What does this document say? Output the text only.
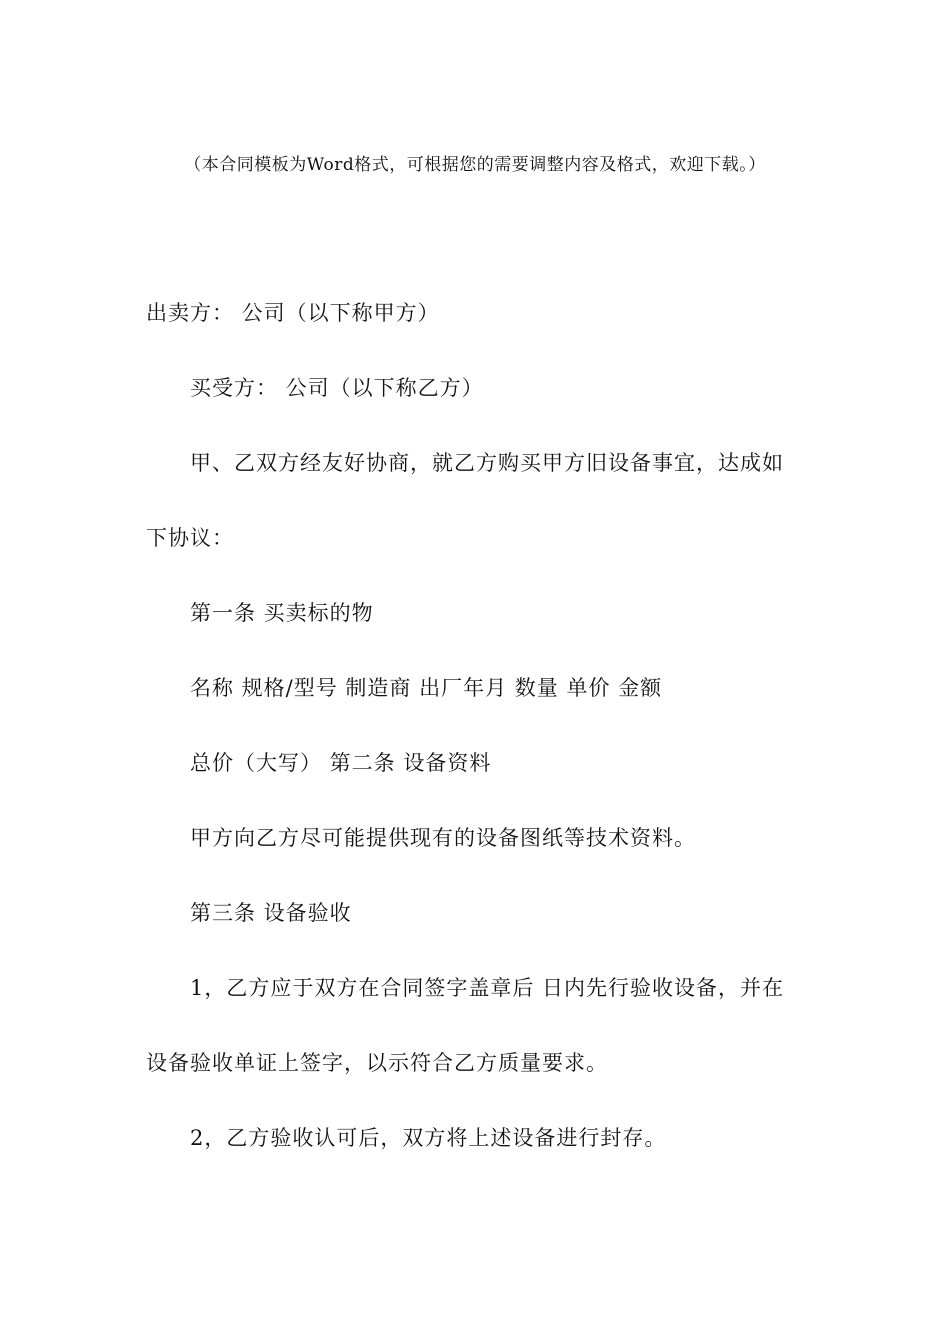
（本合同模板为Word格式，可根据您的需要调整内容及格式，欢迎下载。）
出卖方： 公司（以下称甲方）
买受方： 公司（以下称乙方）
甲、乙双方经友好协商，就乙方购买甲方旧设备事宜，达成如
下协议：
第一条 买卖标的物
名称 规格/型号 制造商 出厂年月 数量 单价 金额
总价（大写） 第二条 设备资料
甲方向乙方尽可能提供现有的设备图纸等技术资料。
第三条 设备验收
1，乙方应于双方在合同签字盖章后 日内先行验收设备，并在
设备验收单证上签字，以示符合乙方质量要求。
2，乙方验收认可后，双方将上述设备进行封存。
